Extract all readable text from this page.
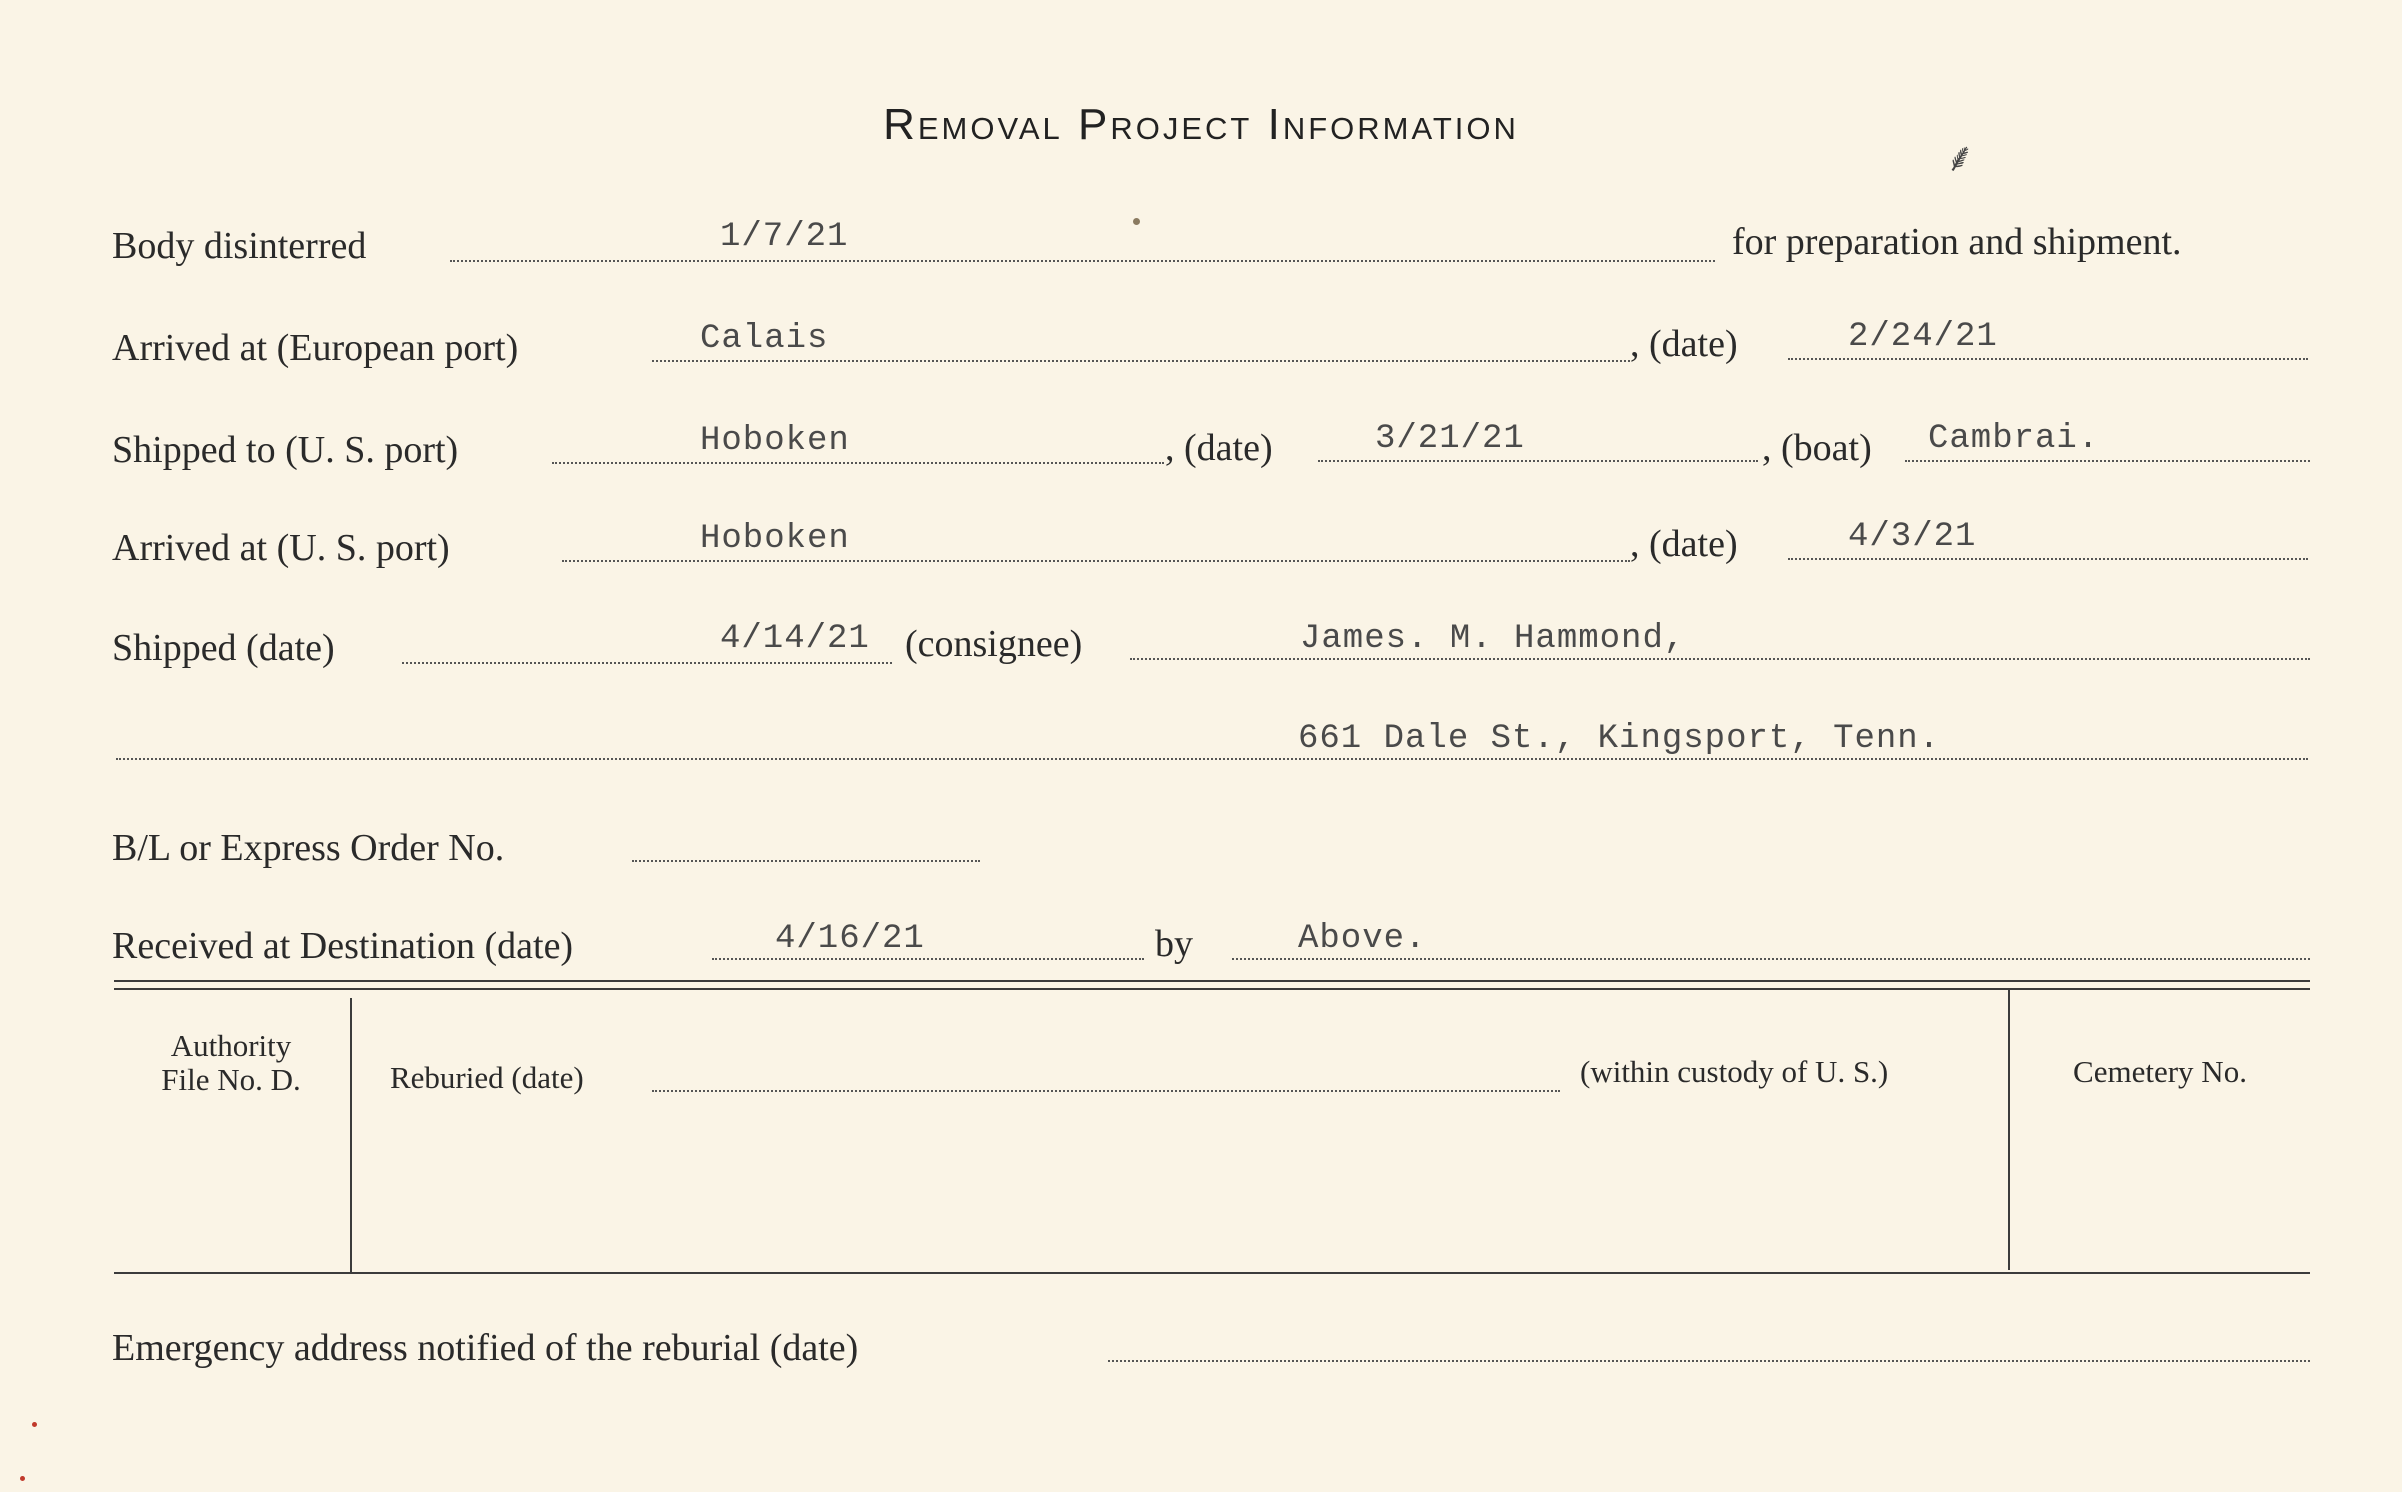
Removal Project Information
⸙
Body disinterred	1/7/21	for preparation and shipment.
Arrived at (European port)	Calais	, (date)	2/24/21
Shipped to (U. S. port)	Hoboken	, (date)	3/21/21	, (boat) Cambrai.
Arrived at (U. S. port)	Hoboken	, (date)	4/3/21
Shipped (date)	4/14/21 (consignee)	James. M. Hammond,
661 Dale St., Kingsport, Tenn.
B/L or Express Order No.
Received at Destination (date)	4/16/21	by	Above.
Authority
File No. D.	Reburied (date)	(within custody of U. S.)	Cemetery No.
Emergency address notified of the reburial (date)
